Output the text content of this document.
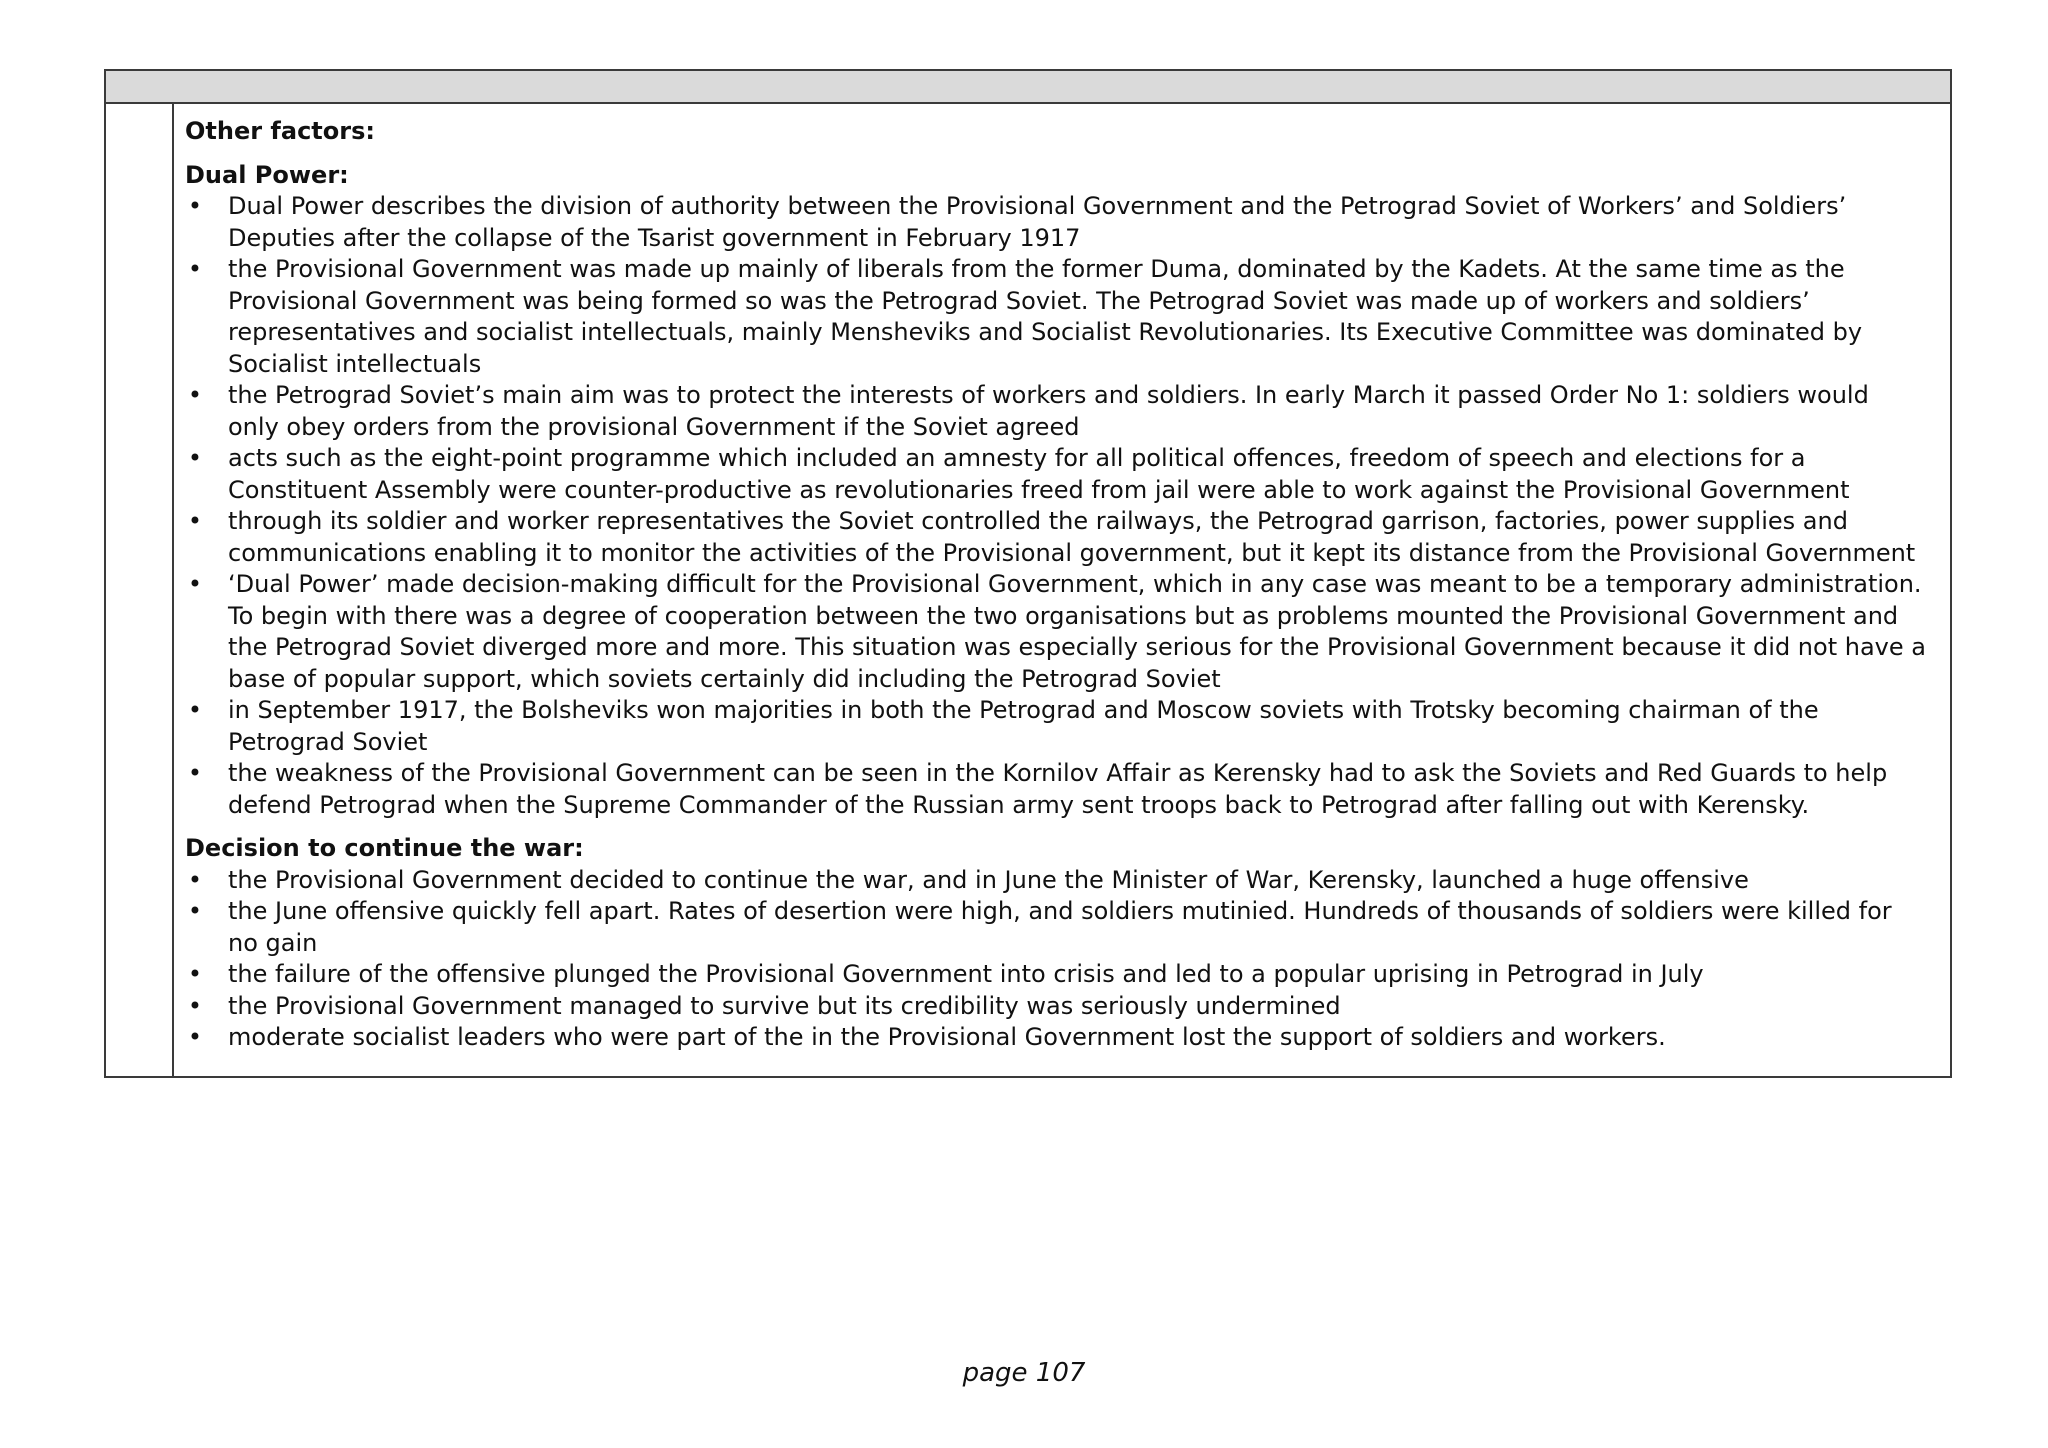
Other factors:

Dual Power:

• Dual Power describes the division of authority between the Provisional Government and the Petrograd Soviet of Workers’ and Soldiers’ Deputies after the collapse of the Tsarist government in February 1917
• the Provisional Government was made up mainly of liberals from the former Duma, dominated by the Kadets. At the same time as the Provisional Government was being formed so was the Petrograd Soviet. The Petrograd Soviet was made up of workers and soldiers’ representatives and socialist intellectuals, mainly Mensheviks and Socialist Revolutionaries. Its Executive Committee was dominated by Socialist intellectuals
• the Petrograd Soviet’s main aim was to protect the interests of workers and soldiers. In early March it passed Order No 1: soldiers would only obey orders from the provisional Government if the Soviet agreed
• acts such as the eight-point programme which included an amnesty for all political offences, freedom of speech and elections for a Constituent Assembly were counter-productive as revolutionaries freed from jail were able to work against the Provisional Government
• through its soldier and worker representatives the Soviet controlled the railways, the Petrograd garrison, factories, power supplies and communications enabling it to monitor the activities of the Provisional government, but it kept its distance from the Provisional Government
• ‘Dual Power’ made decision-making difficult for the Provisional Government, which in any case was meant to be a temporary administration. To begin with there was a degree of cooperation between the two organisations but as problems mounted the Provisional Government and the Petrograd Soviet diverged more and more. This situation was especially serious for the Provisional Government because it did not have a base of popular support, which soviets certainly did including the Petrograd Soviet
• in September 1917, the Bolsheviks won majorities in both the Petrograd and Moscow soviets with Trotsky becoming chairman of the Petrograd Soviet
• the weakness of the Provisional Government can be seen in the Kornilov Affair as Kerensky had to ask the Soviets and Red Guards to help defend Petrograd when the Supreme Commander of the Russian army sent troops back to Petrograd after falling out with Kerensky.

Decision to continue the war:

• the Provisional Government decided to continue the war, and in June the Minister of War, Kerensky, launched a huge offensive
• the June offensive quickly fell apart. Rates of desertion were high, and soldiers mutinied. Hundreds of thousands of soldiers were killed for no gain
• the failure of the offensive plunged the Provisional Government into crisis and led to a popular uprising in Petrograd in July
• the Provisional Government managed to survive but its credibility was seriously undermined
• moderate socialist leaders who were part of the in the Provisional Government lost the support of soldiers and workers.
page 107
